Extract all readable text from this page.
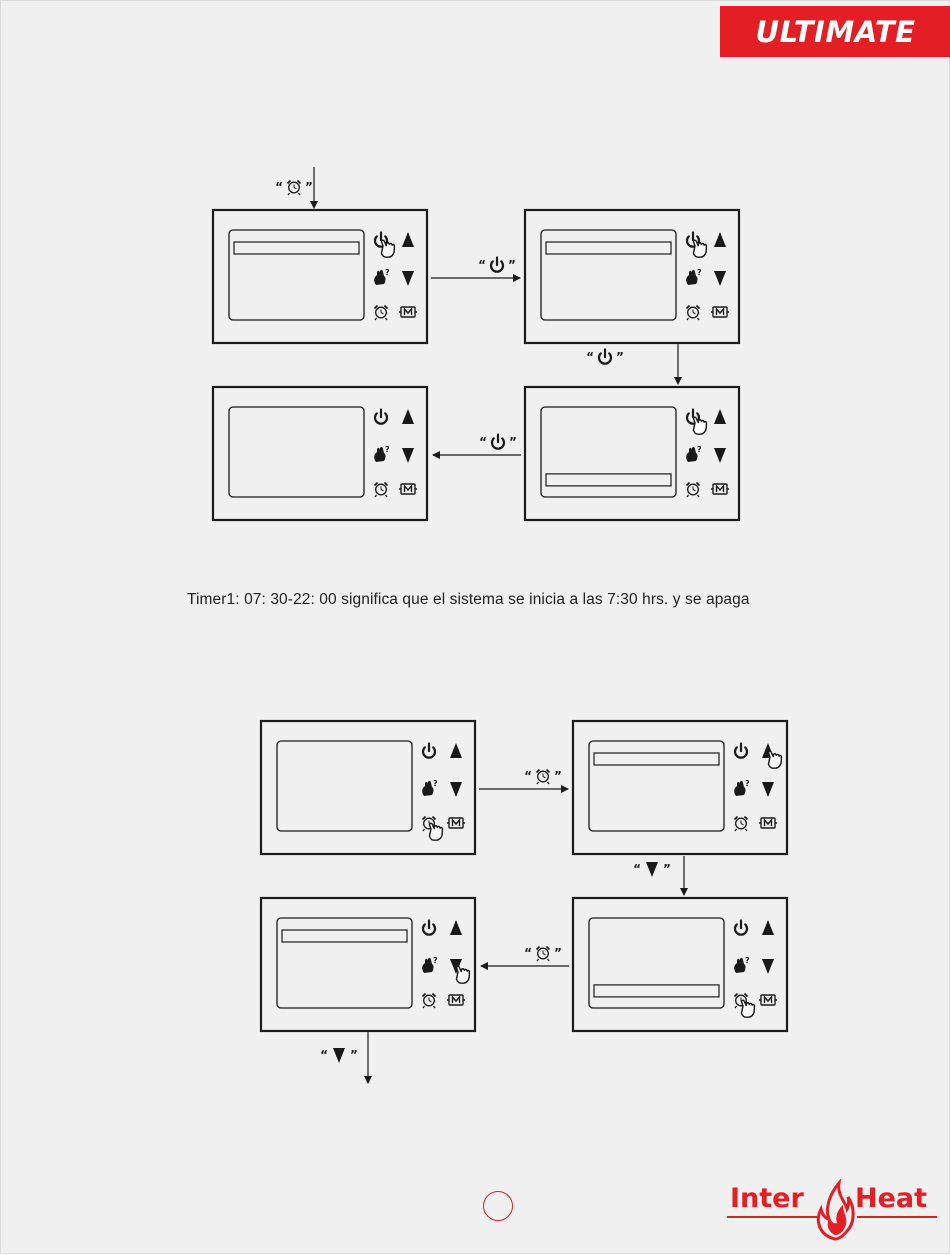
ULTIMATE
?	?
?	?
“ ”
“ ”
“ ”
“ ”
?	?
?	?
“ ”
“ ”
“ ”
“ ”
Timer1: 07: 30-22: 00 significa que el sistema se inicia a las 7:30 hrs. y se apaga
Inter Heat
